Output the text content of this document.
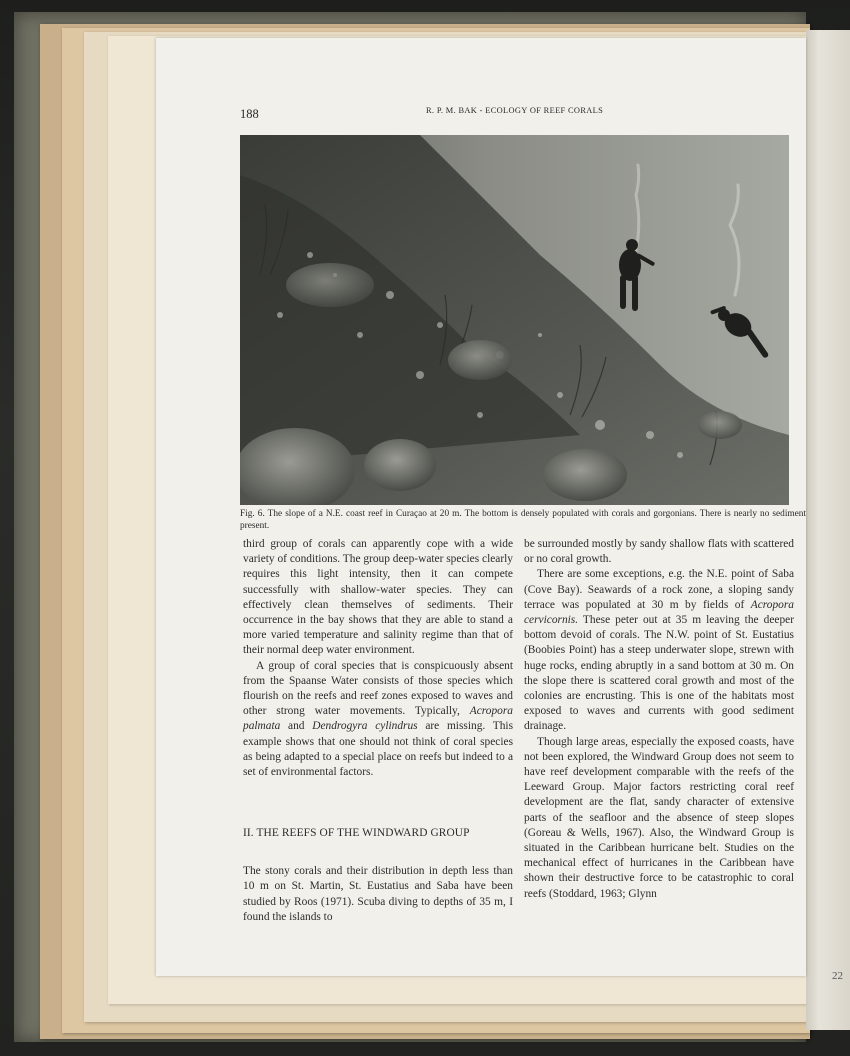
22
188	R. P. M. BAK - ECOLOGY OF REEF CORALS
Fig. 6. The slope of a N.E. coast reef in Curaçao at 20 m. The bottom is densely populated with corals and gorgonians. There is nearly no sediment present.

third group of corals can apparently cope with a wide variety of conditions. The group deep-water species clearly requires this light intensity, then it can compete successfully with shallow-water species. They can effectively clean themselves of sediments. Their occurrence in the bay shows that they are able to stand a more varied temperature and salinity regime than that of their normal deep water environment.

A group of coral species that is conspicuously absent from the Spaanse Water consists of those species which flourish on the reefs and reef zones exposed to waves and other strong water movements. Typically, Acropora palmata and Dendrogyra cylindrus are missing. This example shows that one should not think of coral species as being adapted to a special place on reefs but indeed to a set of environmental factors.

II. THE REEFS OF THE WINDWARD GROUP

The stony corals and their distribution in depth less than 10 m on St. Martin, St. Eustatius and Saba have been studied by Roos (1971). Scuba diving to depths of 35 m, I found the islands to

be surrounded mostly by sandy shallow flats with scattered or no coral growth.

There are some exceptions, e.g. the N.E. point of Saba (Cove Bay). Seawards of a rock zone, a sloping sandy terrace was populated at 30 m by fields of Acropora cervicornis. These peter out at 35 m leaving the deeper bottom devoid of corals. The N.W. point of St. Eustatius (Boobies Point) has a steep underwater slope, strewn with huge rocks, ending abruptly in a sand bottom at 30 m. On the slope there is scattered coral growth and most of the colonies are encrusting. This is one of the habitats most exposed to waves and currents with good sediment drainage.

Though large areas, especially the exposed coasts, have not been explored, the Windward Group does not seem to have reef development comparable with the reefs of the Leeward Group. Major factors restricting coral reef development are the flat, sandy character of extensive parts of the seafloor and the absence of steep slopes (Goreau & Wells, 1967). Also, the Windward Group is situated in the Caribbean hurricane belt. Studies on the mechanical effect of hurricanes in the Caribbean have shown their destructive force to be catastrophic to coral reefs (Stoddard, 1963; Glynn
